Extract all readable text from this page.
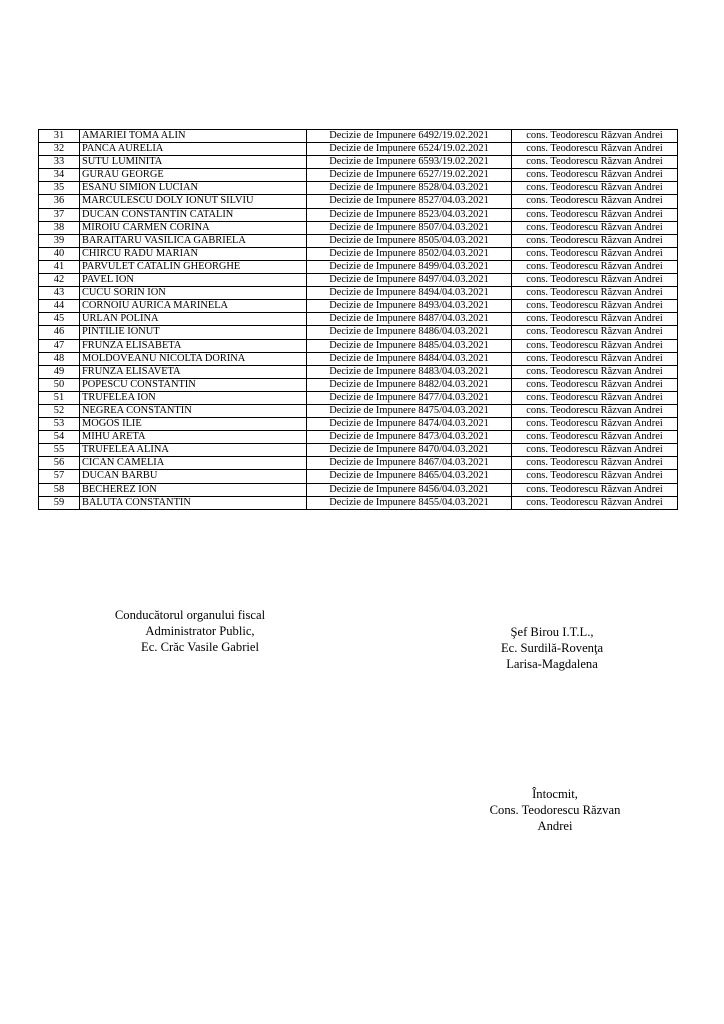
31	AMARIEI TOMA ALIN	Decizie de Impunere 6492/19.02.2021	cons. Teodorescu Răzvan Andrei
32	PANCA AURELIA	Decizie de Impunere 6524/19.02.2021	cons. Teodorescu Răzvan Andrei
33	SUTU LUMINITA	Decizie de Impunere 6593/19.02.2021	cons. Teodorescu Răzvan Andrei
34	GURAU GEORGE	Decizie de Impunere 6527/19.02.2021	cons. Teodorescu Răzvan Andrei
35	ESANU SIMION LUCIAN	Decizie de Impunere 8528/04.03.2021	cons. Teodorescu Răzvan Andrei
36	MARCULESCU DOLY IONUT SILVIU	Decizie de Impunere 8527/04.03.2021	cons. Teodorescu Răzvan Andrei
37	DUCAN CONSTANTIN CATALIN	Decizie de Impunere 8523/04.03.2021	cons. Teodorescu Răzvan Andrei
38	MIROIU CARMEN CORINA	Decizie de Impunere 8507/04.03.2021	cons. Teodorescu Răzvan Andrei
39	BARAITARU VASILICA GABRIELA	Decizie de Impunere 8505/04.03.2021	cons. Teodorescu Răzvan Andrei
40	CHIRCU RADU MARIAN	Decizie de Impunere 8502/04.03.2021	cons. Teodorescu Răzvan Andrei
41	PARVULET CATALIN GHEORGHE	Decizie de Impunere 8499/04.03.2021	cons. Teodorescu Răzvan Andrei
42	PAVEL ION	Decizie de Impunere 8497/04.03.2021	cons. Teodorescu Răzvan Andrei
43	CUCU SORIN ION	Decizie de Impunere 8494/04.03.2021	cons. Teodorescu Răzvan Andrei
44	CORNOIU AURICA MARINELA	Decizie de Impunere 8493/04.03.2021	cons. Teodorescu Răzvan Andrei
45	URLAN POLINA	Decizie de Impunere 8487/04.03.2021	cons. Teodorescu Răzvan Andrei
46	PINTILIE IONUT	Decizie de Impunere 8486/04.03.2021	cons. Teodorescu Răzvan Andrei
47	FRUNZA ELISABETA	Decizie de Impunere 8485/04.03.2021	cons. Teodorescu Răzvan Andrei
48	MOLDOVEANU NICOLTA DORINA	Decizie de Impunere 8484/04.03.2021	cons. Teodorescu Răzvan Andrei
49	FRUNZA ELISAVETA	Decizie de Impunere 8483/04.03.2021	cons. Teodorescu Răzvan Andrei
50	POPESCU CONSTANTIN	Decizie de Impunere 8482/04.03.2021	cons. Teodorescu Răzvan Andrei
51	TRUFELEA ION	Decizie de Impunere 8477/04.03.2021	cons. Teodorescu Răzvan Andrei
52	NEGREA CONSTANTIN	Decizie de Impunere 8475/04.03.2021	cons. Teodorescu Răzvan Andrei
53	MOGOS ILIE	Decizie de Impunere 8474/04.03.2021	cons. Teodorescu Răzvan Andrei
54	MIHU ARETA	Decizie de Impunere 8473/04.03.2021	cons. Teodorescu Răzvan Andrei
55	TRUFELEA ALINA	Decizie de Impunere 8470/04.03.2021	cons. Teodorescu Răzvan Andrei
56	CICAN CAMELIA	Decizie de Impunere 8467/04.03.2021	cons. Teodorescu Răzvan Andrei
57	DUCAN BARBU	Decizie de Impunere 8465/04.03.2021	cons. Teodorescu Răzvan Andrei
58	BECHEREZ ION	Decizie de Impunere 8456/04.03.2021	cons. Teodorescu Răzvan Andrei
59	BALUTA CONSTANTIN	Decizie de Impunere 8455/04.03.2021	cons. Teodorescu Răzvan Andrei
Conducătorul organului fiscal
Administrator Public,
Ec. Crăc Vasile Gabriel
Şef Birou I.T.L.,
Ec. Surdilă-Rovenţa
Larisa-Magdalena
Întocmit,
Cons. Teodorescu Răzvan
Andrei
